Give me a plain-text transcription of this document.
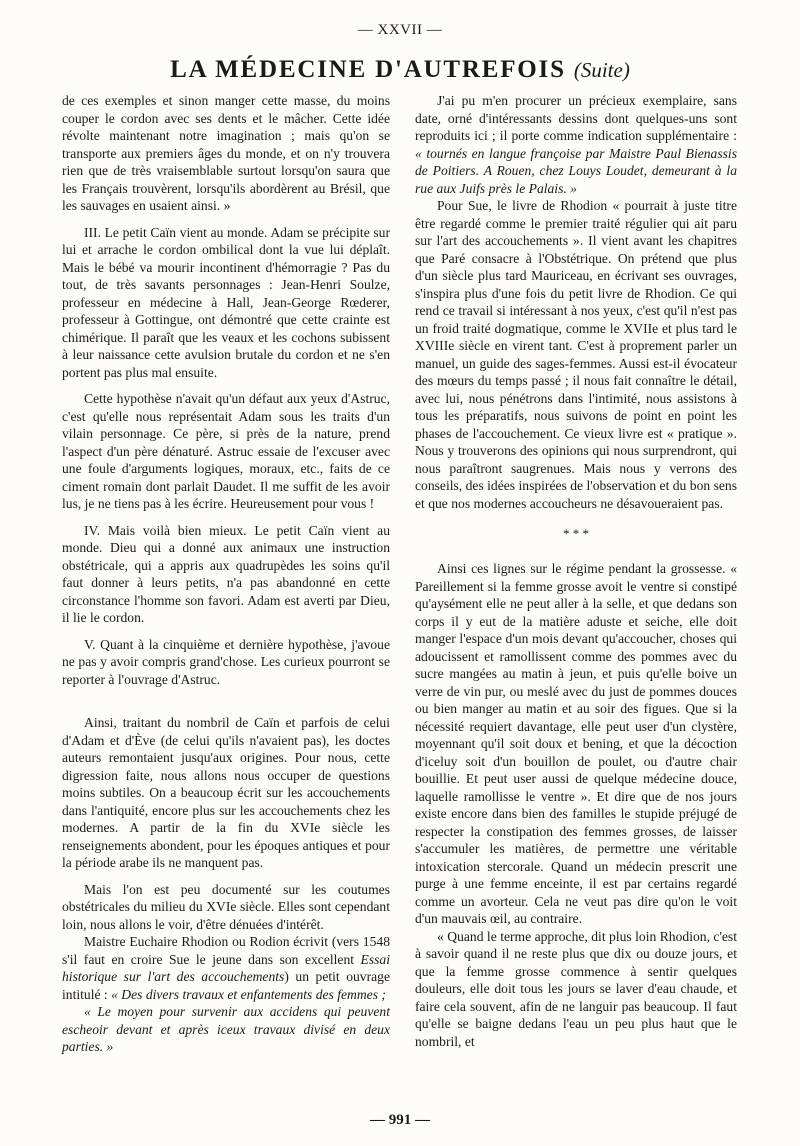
— XXVII —
LA MÉDECINE D'AUTREFOIS (Suite)

de ces exemples et sinon manger cette masse, du moins couper le cordon avec ses dents et le mâcher. Cette idée révolte maintenant notre imagination ; mais qu'on se transporte aux premiers âges du monde, et on n'y trouvera rien que de très vraisemblable surtout lorsqu'on saura que les Français trouvèrent, lorsqu'ils abordèrent au Brésil, que les sauvages en usaient ainsi. »

III. Le petit Caïn vient au monde. Adam se précipite sur lui et arrache le cordon ombilical dont la vue lui déplaît. Mais le bébé va mourir incontinent d'hémorragie ? Pas du tout, de très savants personnages : Jean-Henri Soulze, professeur en médecine à Hall, Jean-George Rœderer, professeur à Gottingue, ont démontré que cette crainte est chimérique. Il paraît que les veaux et les cochons subissent à leur naissance cette avulsion brutale du cordon et ne s'en portent pas plus mal ensuite.

Cette hypothèse n'avait qu'un défaut aux yeux d'Astruc, c'est qu'elle nous représentait Adam sous les traits d'un vilain personnage. Ce père, si près de la nature, prend l'aspect d'un père dénaturé. Astruc essaie de l'excuser avec une foule d'arguments logiques, moraux, etc., faits de ce ciment romain dont parlait Daudet. Il me suffit de les avoir lus, je ne tiens pas à les écrire. Heureusement pour vous !

IV. Mais voilà bien mieux. Le petit Caïn vient au monde. Dieu qui a donné aux animaux une instruction obstétricale, qui a appris aux quadrupèdes les soins qu'il faut donner à leurs petits, n'a pas abandonné en cette circonstance l'homme son favori. Adam est averti par Dieu, il lie le cordon.

V. Quant à la cinquième et dernière hypothèse, j'avoue ne pas y avoir compris grand'chose. Les curieux pourront se reporter à l'ouvrage d'Astruc.

Ainsi, traitant du nombril de Caïn et parfois de celui d'Adam et d'Ève (de celui qu'ils n'avaient pas), les doctes auteurs remontaient jusqu'aux origines. Pour nous, cette digression faite, nous allons nous occuper de questions moins subtiles. On a beaucoup écrit sur les accouchements dans l'antiquité, encore plus sur les accouchements chez les modernes. A partir de la fin du XVIe siècle les renseignements abondent, pour les époques antiques et pour la période arabe ils ne manquent pas.

Mais l'on est peu documenté sur les coutumes obstétricales du milieu du XVIe siècle. Elles sont cependant loin, nous allons le voir, d'être dénuées d'intérêt.

Maistre Euchaire Rhodion ou Rodion écrivit (vers 1548 s'il faut en croire Sue le jeune dans son excellent Essai historique sur l'art des accouchements) un petit ouvrage intitulé : « Des divers travaux et enfantements des femmes ;

« Le moyen pour survenir aux accidens qui peuvent escheoir devant et après iceux travaux divisé en deux parties. »

J'ai pu m'en procurer un précieux exemplaire, sans date, orné d'intéressants dessins dont quelques-uns sont reproduits ici ; il porte comme indication supplémentaire : « tournés en langue françoise par Maistre Paul Bienassis de Poitiers. A Rouen, chez Louys Loudet, demeurant à la rue aux Juifs près le Palais. »

Pour Sue, le livre de Rhodion « pourrait à juste titre être regardé comme le premier traité régulier qui ait paru sur l'art des accouchements ». Il vient avant les chapitres que Paré consacre à l'Obstétrique. On prétend que plus d'un siècle plus tard Mauriceau, en écrivant ses ouvrages, s'inspira plus d'une fois du petit livre de Rhodion. Ce qui rend ce travail si intéressant à nos yeux, c'est qu'il n'est pas un froid traité dogmatique, comme le XVIIe et plus tard le XVIIIe siècle en virent tant. C'est à proprement parler un manuel, un guide des sages-femmes. Aussi est-il évocateur des mœurs du temps passé ; il nous fait connaître le détail, avec lui, nous pénétrons dans l'intimité, nous assistons à tous les préparatifs, nous suivons de point en point les phases de l'accouchement. Ce vieux livre est « pratique ». Nous y trouverons des opinions qui nous surprendront, qui nous paraîtront saugrenues. Mais nous y verrons des conseils, des idées inspirées de l'observation et du bon sens et que nos modernes accoucheurs ne désavoueraient pas.

* * *

Ainsi ces lignes sur le régime pendant la grossesse. « Pareillement si la femme grosse avoit le ventre si constipé qu'aysément elle ne peut aller à la selle, et que dedans son corps il y eut de la matière aduste et seiche, elle doit manger l'espace d'un mois devant qu'accoucher, choses qui adoucissent et ramollissent comme des pommes avec du sucre mangées au matin à jeun, et puis qu'elle boive un verre de vin pur, ou meslé avec du just de pommes douces ou bien manger au matin et au soir des figues. Que si la nécessité requiert davantage, elle peut user d'un clystère, moyennant qu'il soit doux et bening, et que la décoction d'iceluy soit d'un bouillon de poulet, ou d'autre chair bouillie. Et peut user aussi de quelque médecine douce, laquelle ramollisse le ventre ». Et dire que de nos jours existe encore dans bien des familles le stupide préjugé de respecter la constipation des femmes grosses, de laisser s'accumuler les matières, de permettre une véritable intoxication stercorale. Quand un médecin prescrit une purge à une femme enceinte, il est par certains regardé comme un avorteur. Cela ne veut pas dire qu'on le voit d'un mauvais œil, au contraire.

« Quand le terme approche, dit plus loin Rhodion, c'est à savoir quand il ne reste plus que dix ou douze jours, et que la femme grosse commence à sentir quelques douleurs, elle doit tous les jours se laver d'eau chaude, et faire cela souvent, afin de ne languir pas beaucoup. Il faut qu'elle se baigne dedans l'eau un peu plus haut que le nombril, et

— 991 —
